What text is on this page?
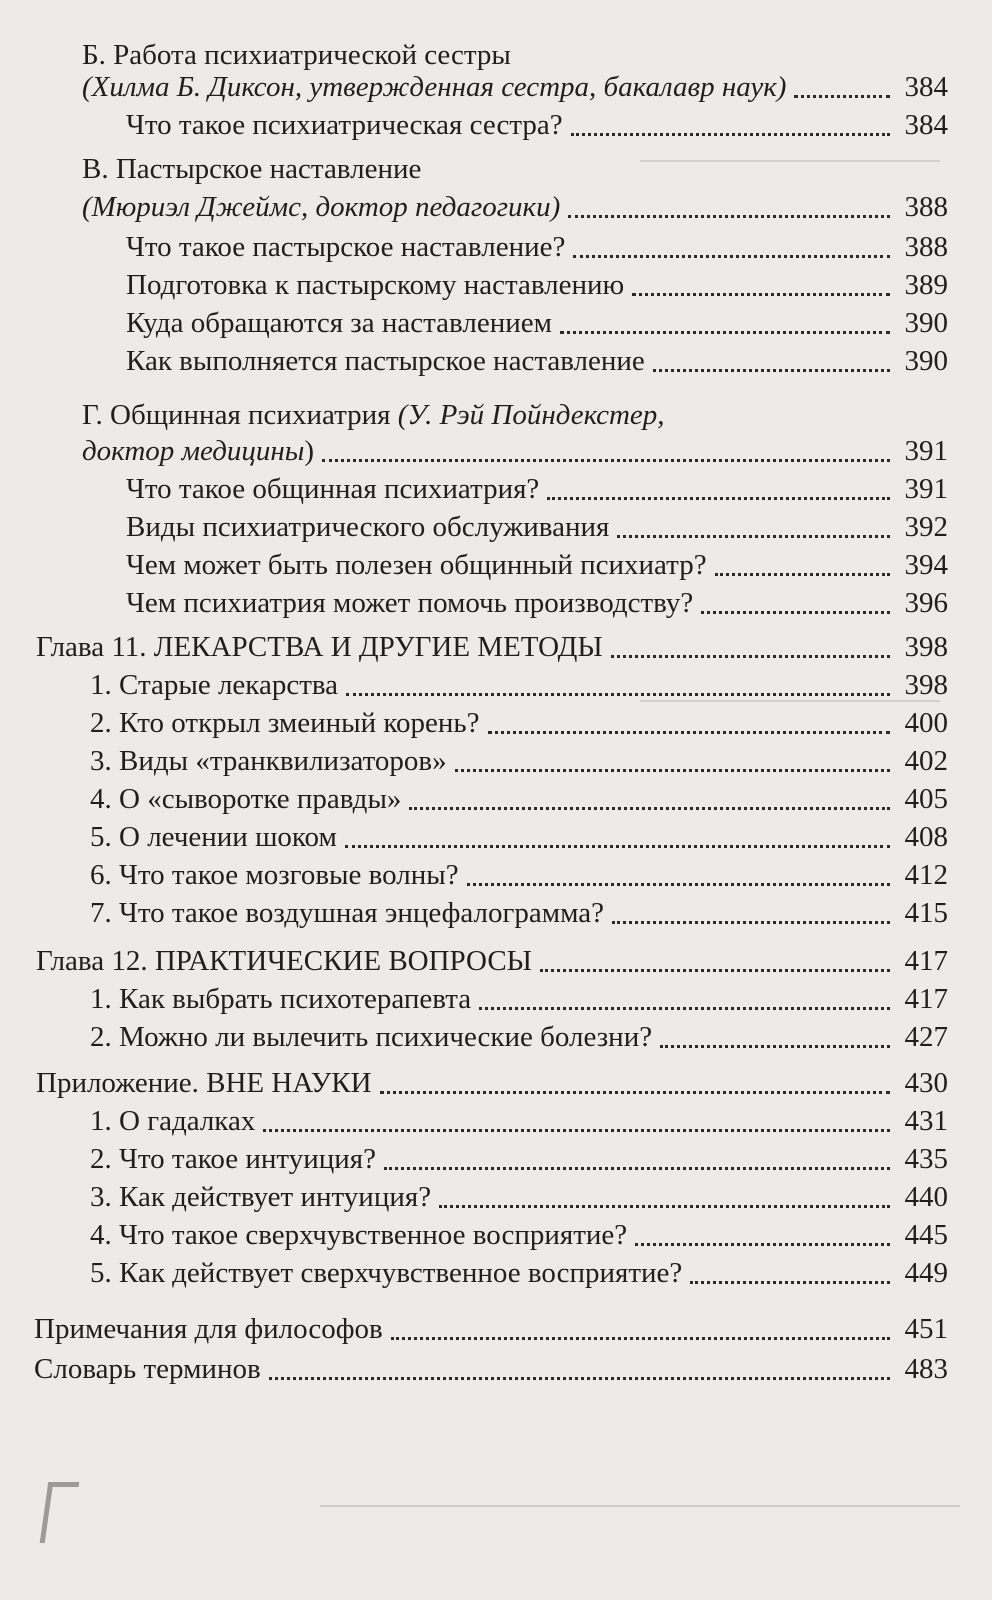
Б. Работа психиатрической сестры
(Хилма Б. Диксон, утвержденная сестра, бакалавр наук)	384
Что такое психиатрическая сестра?	384
В. Пастырское наставление
(Мюриэл Джеймс, доктор педагогики)	388
Что такое пастырское наставление?	388
Подготовка к пастырскому наставлению	389
Куда обращаются за наставлением	390
Как выполняется пастырское наставление	390
Г. Общинная психиатрия (У. Рэй Пойндекстер,
доктор медицины)	391
Что такое общинная психиатрия?	391
Виды психиатрического обслуживания	392
Чем может быть полезен общинный психиатр?	394
Чем психиатрия может помочь производству?	396
Глава 11. ЛЕКАРСТВА И ДРУГИЕ МЕТОДЫ	398
1. Старые лекарства	398
2. Кто открыл змеиный корень?	400
3. Виды «транквилизаторов»	402
4. О «сыворотке правды»	405
5. О лечении шоком	408
6. Что такое мозговые волны?	412
7. Что такое воздушная энцефалограмма?	415
Глава 12. ПРАКТИЧЕСКИЕ ВОПРОСЫ	417
1. Как выбрать психотерапевта	417
2. Можно ли вылечить психические болезни?	427
Приложение. ВНЕ НАУКИ	430
1. О гадалках	431
2. Что такое интуиция?	435
3. Как действует интуиция?	440
4. Что такое сверхчувственное восприятие?	445
5. Как действует сверхчувственное восприятие?	449
Примечания для философов	451
Словарь терминов	483
